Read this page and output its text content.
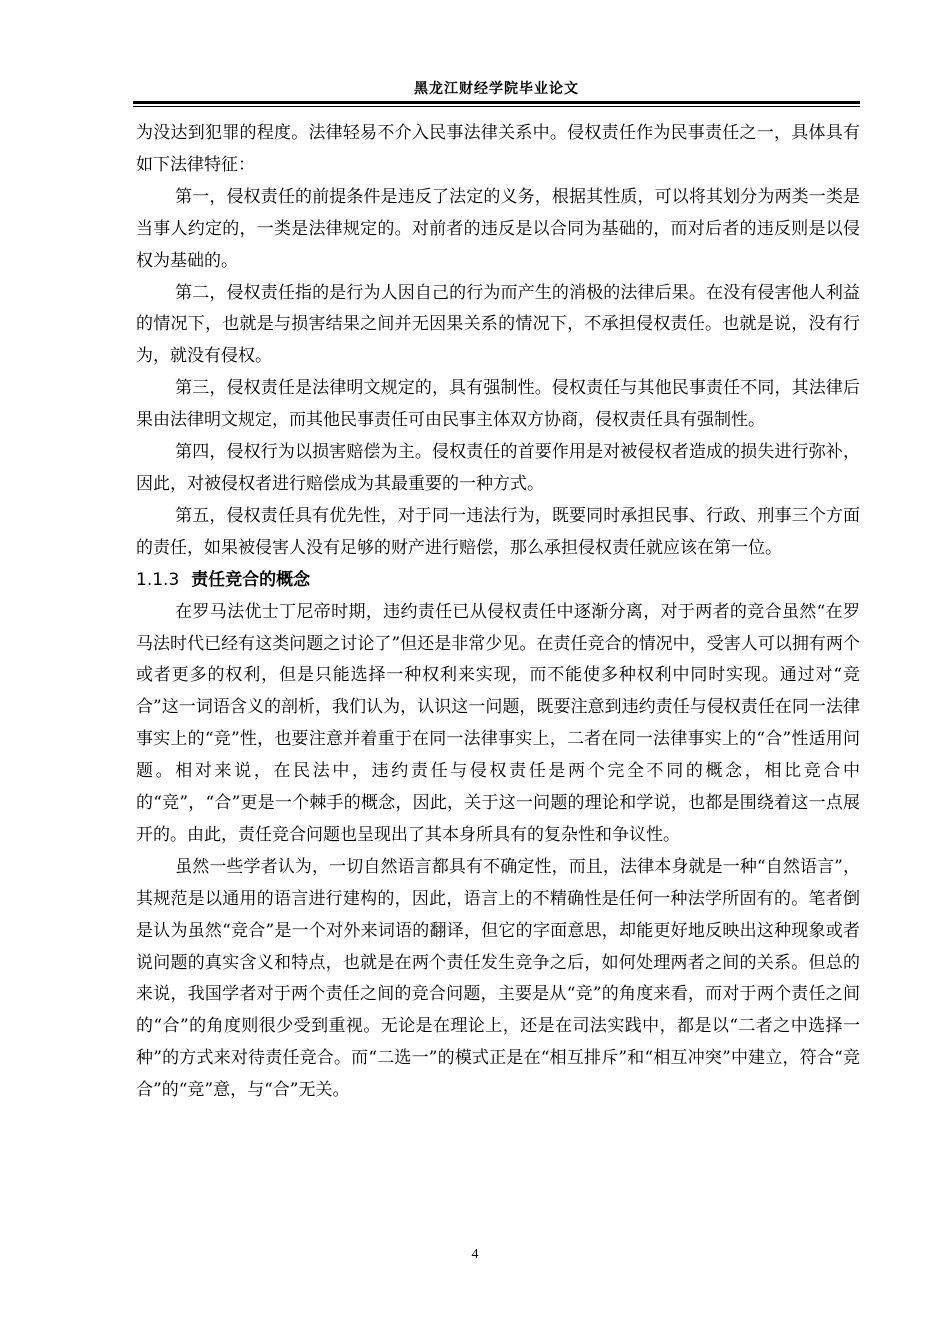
黑龙江财经学院毕业论文

为没达到犯罪的程度。法律轻易不介入民事法律关系中。侵权责任作为民事责任之一，具体具有如下法律特征：

第一，侵权责任的前提条件是违反了法定的义务，根据其性质，可以将其划分为两类一类是当事人约定的，一类是法律规定的。对前者的违反是以合同为基础的，而对后者的违反则是以侵权为基础的。

第二，侵权责任指的是行为人因自己的行为而产生的消极的法律后果。在没有侵害他人利益的情况下，也就是与损害结果之间并无因果关系的情况下，不承担侵权责任。也就是说，没有行为，就没有侵权。

第三，侵权责任是法律明文规定的，具有强制性。侵权责任与其他民事责任不同，其法律后果由法律明文规定，而其他民事责任可由民事主体双方协商，侵权责任具有强制性。

第四，侵权行为以损害赔偿为主。侵权责任的首要作用是对被侵权者造成的损失进行弥补，因此，对被侵权者进行赔偿成为其最重要的一种方式。

第五，侵权责任具有优先性，对于同一违法行为，既要同时承担民事、行政、刑事三个方面的责任，如果被侵害人没有足够的财产进行赔偿，那么承担侵权责任就应该在第一位。

1.1.3 责任竞合的概念

在罗马法优士丁尼帝时期，违约责任已从侵权责任中逐渐分离，对于两者的竞合虽然“在罗马法时代已经有这类问题之讨论了”但还是非常少见。在责任竞合的情况中，受害人可以拥有两个或者更多的权利，但是只能选择一种权利来实现，而不能使多种权利中同时实现。通过对“竞合”这一词语含义的剖析，我们认为，认识这一问题，既要注意到违约责任与侵权责任在同一法律事实上的“竞”性，也要注意并着重于在同一法律事实上，二者在同一法律事实上的“合”性适用问题。相对来说，在民法中，违约责任与侵权责任是两个完全不同的概念，相比竞合中的“竞”，“合”更是一个棘手的概念，因此，关于这一问题的理论和学说，也都是围绕着这一点展开的。由此，责任竞合问题也呈现出了其本身所具有的复杂性和争议性。

虽然一些学者认为，一切自然语言都具有不确定性，而且，法律本身就是一种“自然语言”，其规范是以通用的语言进行建构的，因此，语言上的不精确性是任何一种法学所固有的。笔者倒是认为虽然“竞合”是一个对外来词语的翻译，但它的字面意思，却能更好地反映出这种现象或者说问题的真实含义和特点，也就是在两个责任发生竞争之后，如何处理两者之间的关系。但总的来说，我国学者对于两个责任之间的竞合问题，主要是从“竞”的角度来看，而对于两个责任之间的“合”的角度则很少受到重视。无论是在理论上，还是在司法实践中，都是以“二者之中选择一种”的方式来对待责任竞合。而“二选一”的模式正是在“相互排斥”和“相互冲突”中建立，符合“竞合”的“竞”意，与“合”无关。

4
